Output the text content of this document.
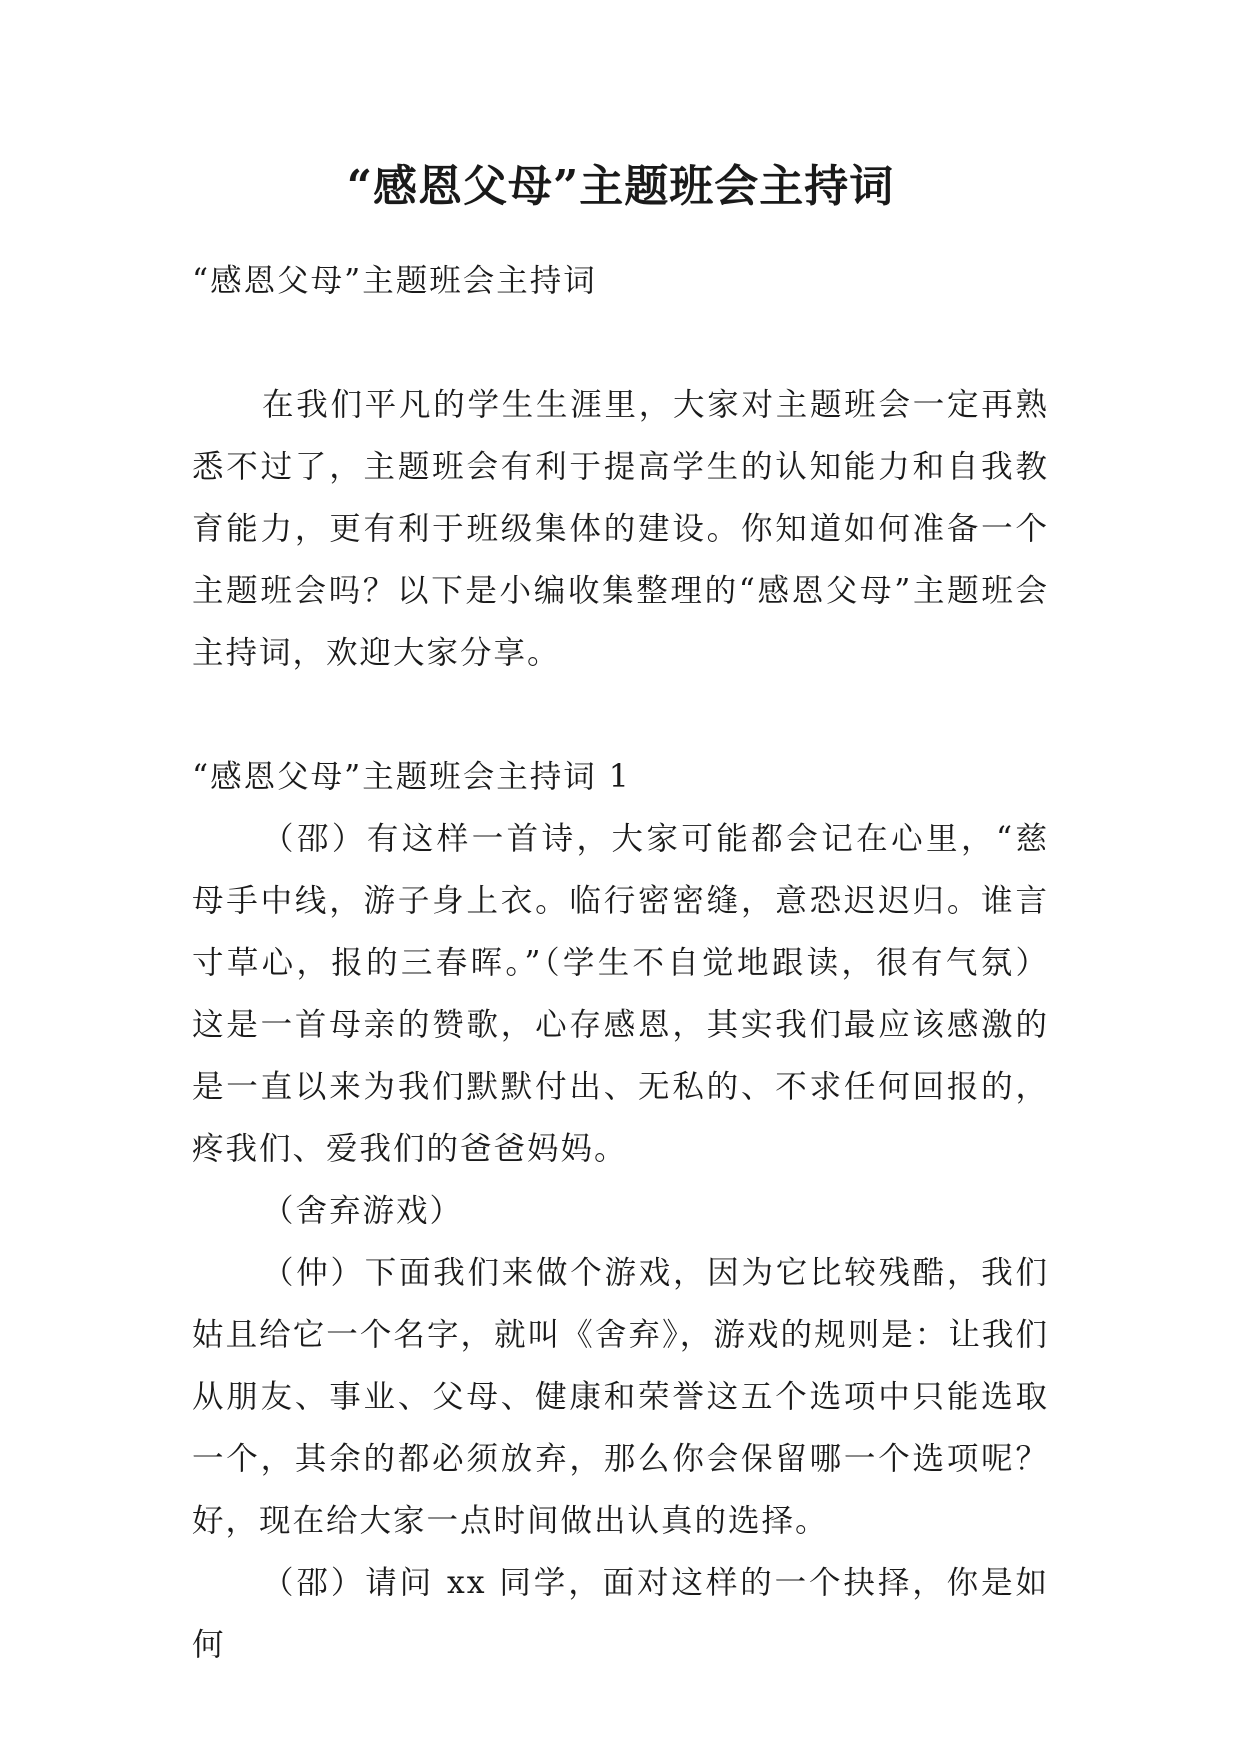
“感恩父母”主题班会主持词

“感恩父母”主题班会主持词

在我们平凡的学生生涯里，大家对主题班会一定再熟悉不过了，主题班会有利于提高学生的认知能力和自我教育能力，更有利于班级集体的建设。你知道如何准备一个主题班会吗？以下是小编收集整理的“感恩父母”主题班会主持词，欢迎大家分享。

“感恩父母”主题班会主持词 1

（邵）有这样一首诗，大家可能都会记在心里，“慈母手中线，游子身上衣。临行密密缝，意恐迟迟归。谁言寸草心，报的三春晖。”（学生不自觉地跟读，很有气氛）这是一首母亲的赞歌，心存感恩，其实我们最应该感激的是一直以来为我们默默付出、无私的、不求任何回报的，疼我们、爱我们的爸爸妈妈。

（舍弃游戏）

（仲）下面我们来做个游戏，因为它比较残酷，我们姑且给它一个名字，就叫《舍弃》，游戏的规则是：让我们从朋友、事业、父母、健康和荣誉这五个选项中只能选取一个，其余的都必须放弃，那么你会保留哪一个选项呢？好，现在给大家一点时间做出认真的选择。

（邵）请问 xx 同学，面对这样的一个抉择，你是如何
